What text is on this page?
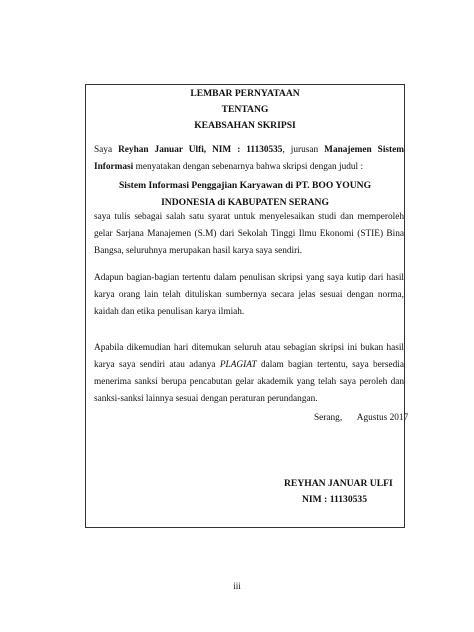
LEMBAR PERNYATAAN
TENTANG
KEABSAHAN SKRIPSI

Saya Reyhan Januar Ulfi, NIM : 11130535, jurusan Manajemen Sistem Informasi menyatakan dengan sebenarnya bahwa skripsi dengan judul :

Sistem Informasi Penggajian Karyawan di PT. BOO YOUNG
INDONESIA di KABUPATEN SERANG

saya tulis sebagai salah satu syarat untuk menyelesaikan studi dan memperoleh gelar Sarjana Manajemen (S.M) dari Sekolah Tinggi Ilmu Ekonomi (STIE) Bina Bangsa, seluruhnya merupakan hasil karya saya sendiri.

Adapun bagian-bagian tertentu dalam penulisan skripsi yang saya kutip dari hasil karya orang lain telah dituliskan sumbernya secara jelas sesuai dengan norma, kaidah dan etika penulisan karya ilmiah.

Apabila dikemudian hari ditemukan seluruh atau sebagian skripsi ini bukan hasil karya saya sendiri atau adanya PLAGIAT dalam bagian tertentu, saya bersedia menerima sanksi berupa pencabutan gelar akademik yang telah saya peroleh dan sanksi-sanksi lainnya sesuai dengan peraturan perundangan.

Serang, Agustus 2017
REYHAN JANUAR ULFI
NIM : 11130535
iii
